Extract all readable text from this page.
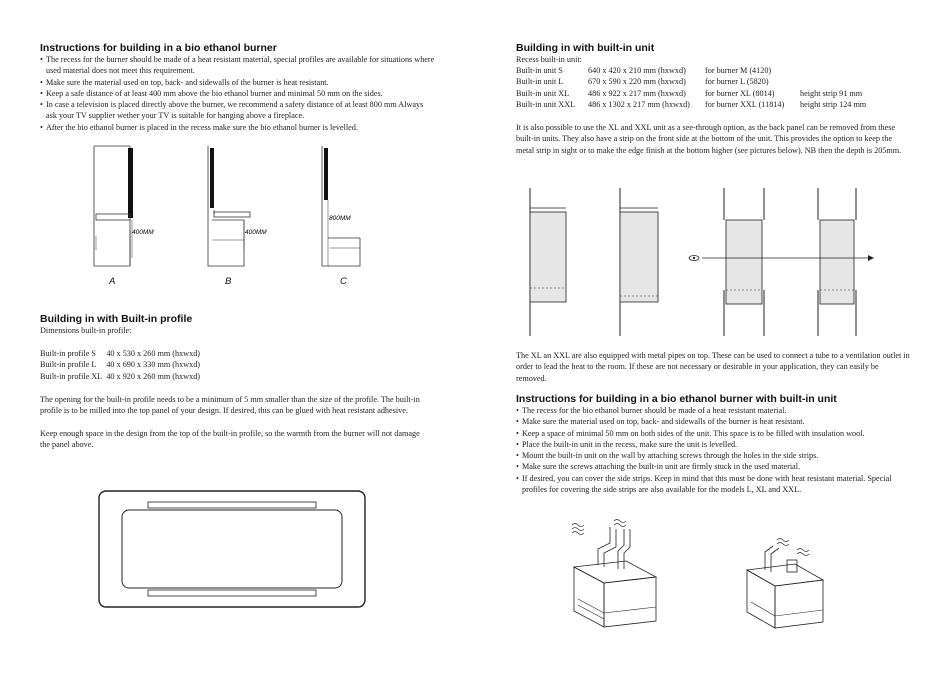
Instructions for building in a bio ethanol burner
• The recess for the burner should be made of a heat resistant material, special profiles are available for situations where used material does not meet this requirement.
• Make sure the material used on top, back- and sidewalls of the burner is heat resistant.
• Keep a safe distance of at least 400 mm above the bio ethanol burner and minimal 50 mm on the sides.
• In case a television is placed directly above the burner, we recommend a safety distance of at least 800 mm Always ask your TV supplier wether your TV is suitable for hanging above a fireplace.
• After the bio ethanol burner is placed in the recess make sure the bio ethanol burner is levelled.
400MM
A
400MM
B
800MM
C
Building in with Built-in profile
Dimensions built-in profile:
Built-in profile S	40 x 530 x 260 mm (hxwxd)
Built-in profile L	40 x 690 x 330 mm (hxwxd)
Built-in profile XL	40 x 920 x 260 mm (hxwxd)
The opening for the built-in profile needs to be a minimum of 5 mm smaller than the size of the profile. The built-in profile is to be milled into the top panel of your design. If desired, this can be glued with heat resistant adhesive.
Keep enough space in the design from the top of the built-in profile, so the warmth from the burner will not damage the panel above.
Building in with built-in unit
Recess built-in unit:
Built-in unit S	640 x 420 x 210 mm (hxwxd)	for burner M (4120)	
Built-in unit L	670 x 590 x 220 mm (hxwxd)	for burner L (5820)	
Built-in unit XL	486 x 922 x 217 mm (hxwxd)	for burner XL (8014)	height strip 91 mm
Built-in unit XXL	486 x 1302 x 217 mm (hxwxd)	for burner XXL (11814)	height strip 124 mm
It is also possible to use the XL and XXL unit as a see-through option, as the back panel can be removed from these built-in units. They also have a strip on the front side at the bottom of the unit. This provides the option to keep the metal strip in sight or to make the edge finish at the bottom higher (see pictures below). NB then the depth is 205mm.
The XL an XXL are also equipped with metal pipes on top. These can be used to connect a tube to a ventilation outlet in order to lead the heat to the room. If these are not necessary or desirable in your application, they can easily be removed.
Instructions for building in a bio ethanol burner with built-in unit
• The recess for the bio ethanol burner should be made of a heat resistant material.
• Make sure the material used on top, back- and sidewalls of the burner is heat resistant.
• Keep a space of minimal 50 mm on both sides of the unit. This space is to be filled with insulation wool.
• Place the built-in unit in the recess, make sure the unit is levelled.
• Mount the built-in unit on the wall by attaching screws through the holes in the side strips.
• Make sure the screws attaching the built-in unit are firmly stuck in the used material.
• If desired, you can cover the side strips. Keep in mind that this must be done with heat resistant material. Special profiles for covering the side strips are also available for the models L, XL and XXL.
